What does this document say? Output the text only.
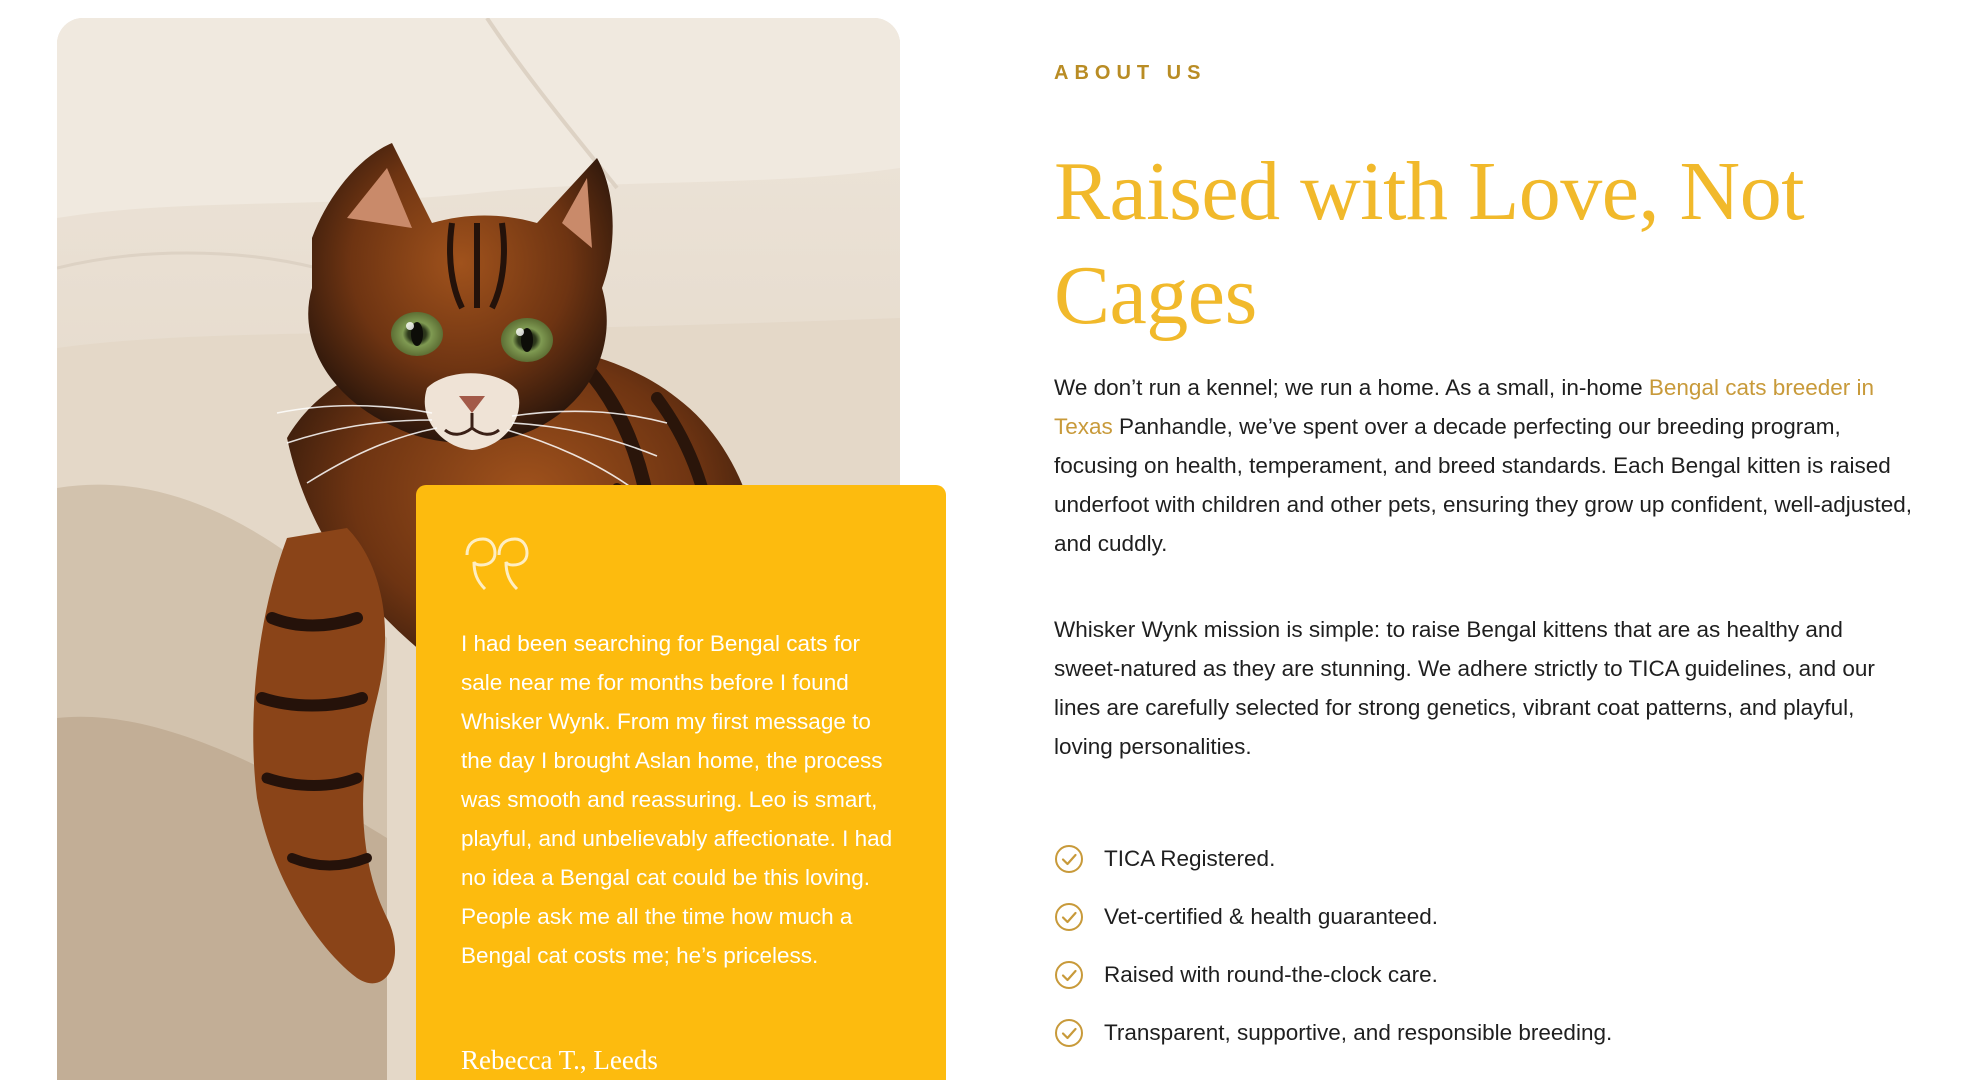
I had been searching for Bengal cats for sale near me for months before I found Whisker Wynk. From my first message to the day I brought Aslan home, the process was smooth and reassuring. Leo is smart, playful, and unbelievably affectionate. I had no idea a Bengal cat could be this loving. People ask me all the time how much a Bengal cat costs me; he’s priceless.

Rebecca T., Leeds
ABOUT US
Raised with Love, Not Cages

We don’t run a kennel; we run a home. As a small, in-home Bengal cats breeder in Texas Panhandle, we’ve spent over a decade perfecting our breeding program, focusing on health, temperament, and breed standards. Each Bengal kitten is raised underfoot with children and other pets, ensuring they grow up confident, well-adjusted, and cuddly.

Whisker Wynk mission is simple: to raise Bengal kittens that are as healthy and sweet-natured as they are stunning. We adhere strictly to TICA guidelines, and our lines are carefully selected for strong genetics, vibrant coat patterns, and playful, loving personalities.

TICA Registered.
Vet-certified & health guaranteed.
Raised with round-the-clock care.
Transparent, supportive, and responsible breeding.
